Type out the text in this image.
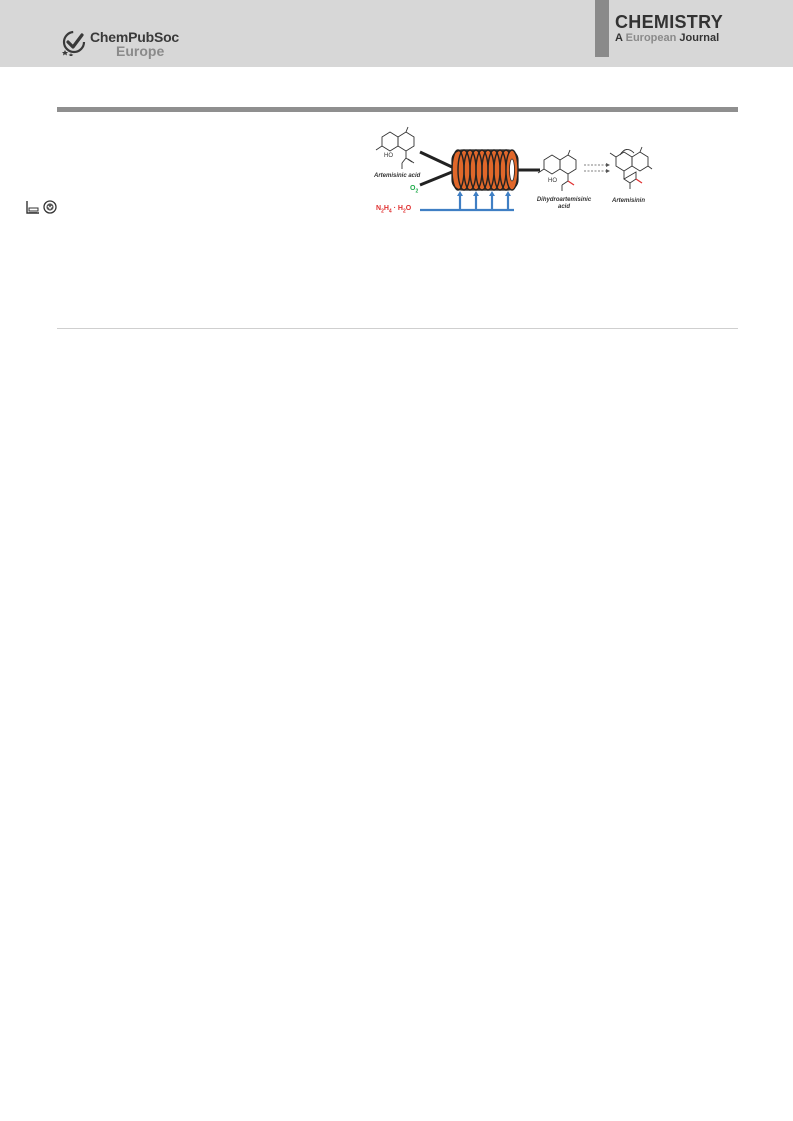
ChemPubSoc
Europe
CHEMISTRY
A European Journal
HO
Artemisinic acid
$O_2$
$N_2H_4 \cdot H_2O$
HO
Dihydroartemisinic
acid
Artemisinin
